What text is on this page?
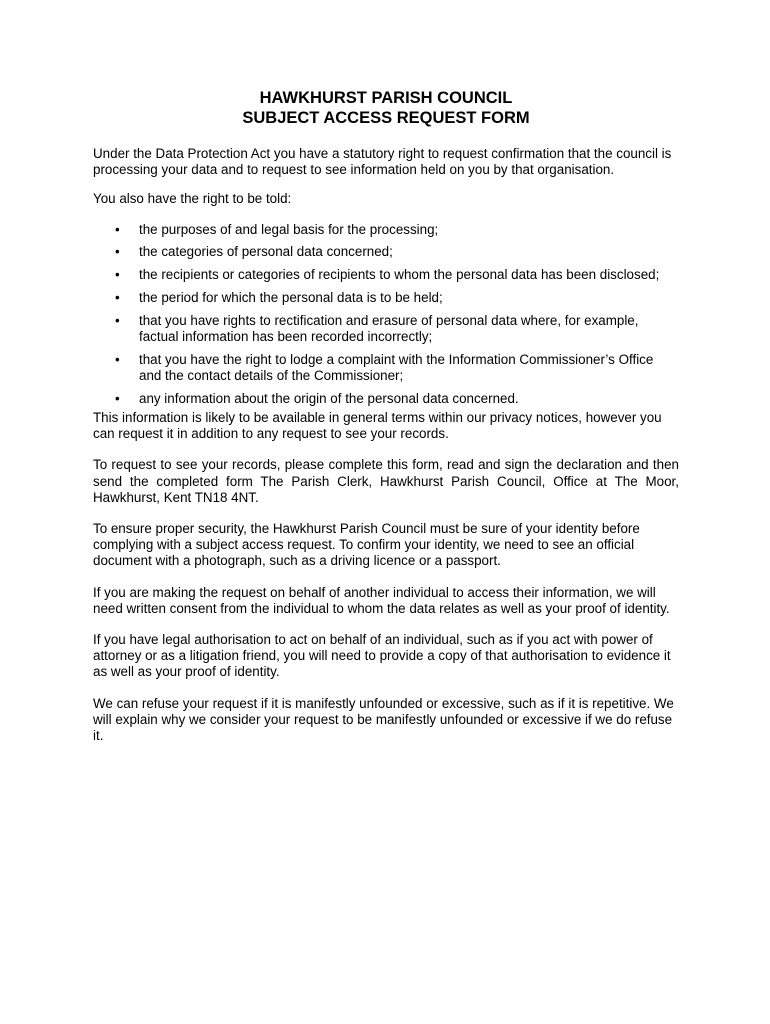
HAWKHURST PARISH COUNCIL
SUBJECT ACCESS REQUEST FORM

Under the Data Protection Act you have a statutory right to request confirmation that the council is processing your data and to request to see information held on you by that organisation.

You also have the right to be told:

• the purposes of and legal basis for the processing;
• the categories of personal data concerned;
• the recipients or categories of recipients to whom the personal data has been disclosed;
• the period for which the personal data is to be held;
• that you have rights to rectification and erasure of personal data where, for example, factual information has been recorded incorrectly;
• that you have the right to lodge a complaint with the Information Commissioner’s Office and the contact details of the Commissioner;
• any information about the origin of the personal data concerned.

This information is likely to be available in general terms within our privacy notices, however you can request it in addition to any request to see your records.

To request to see your records, please complete this form, read and sign the declaration and then send the completed form The Parish Clerk, Hawkhurst Parish Council, Office at The Moor, Hawkhurst, Kent TN18 4NT.

To ensure proper security, the Hawkhurst Parish Council must be sure of your identity before complying with a subject access request. To confirm your identity, we need to see an official document with a photograph, such as a driving licence or a passport.

If you are making the request on behalf of another individual to access their information, we will need written consent from the individual to whom the data relates as well as your proof of identity.

If you have legal authorisation to act on behalf of an individual, such as if you act with power of attorney or as a litigation friend, you will need to provide a copy of that authorisation to evidence it as well as your proof of identity.

We can refuse your request if it is manifestly unfounded or excessive, such as if it is repetitive. We will explain why we consider your request to be manifestly unfounded or excessive if we do refuse it.
